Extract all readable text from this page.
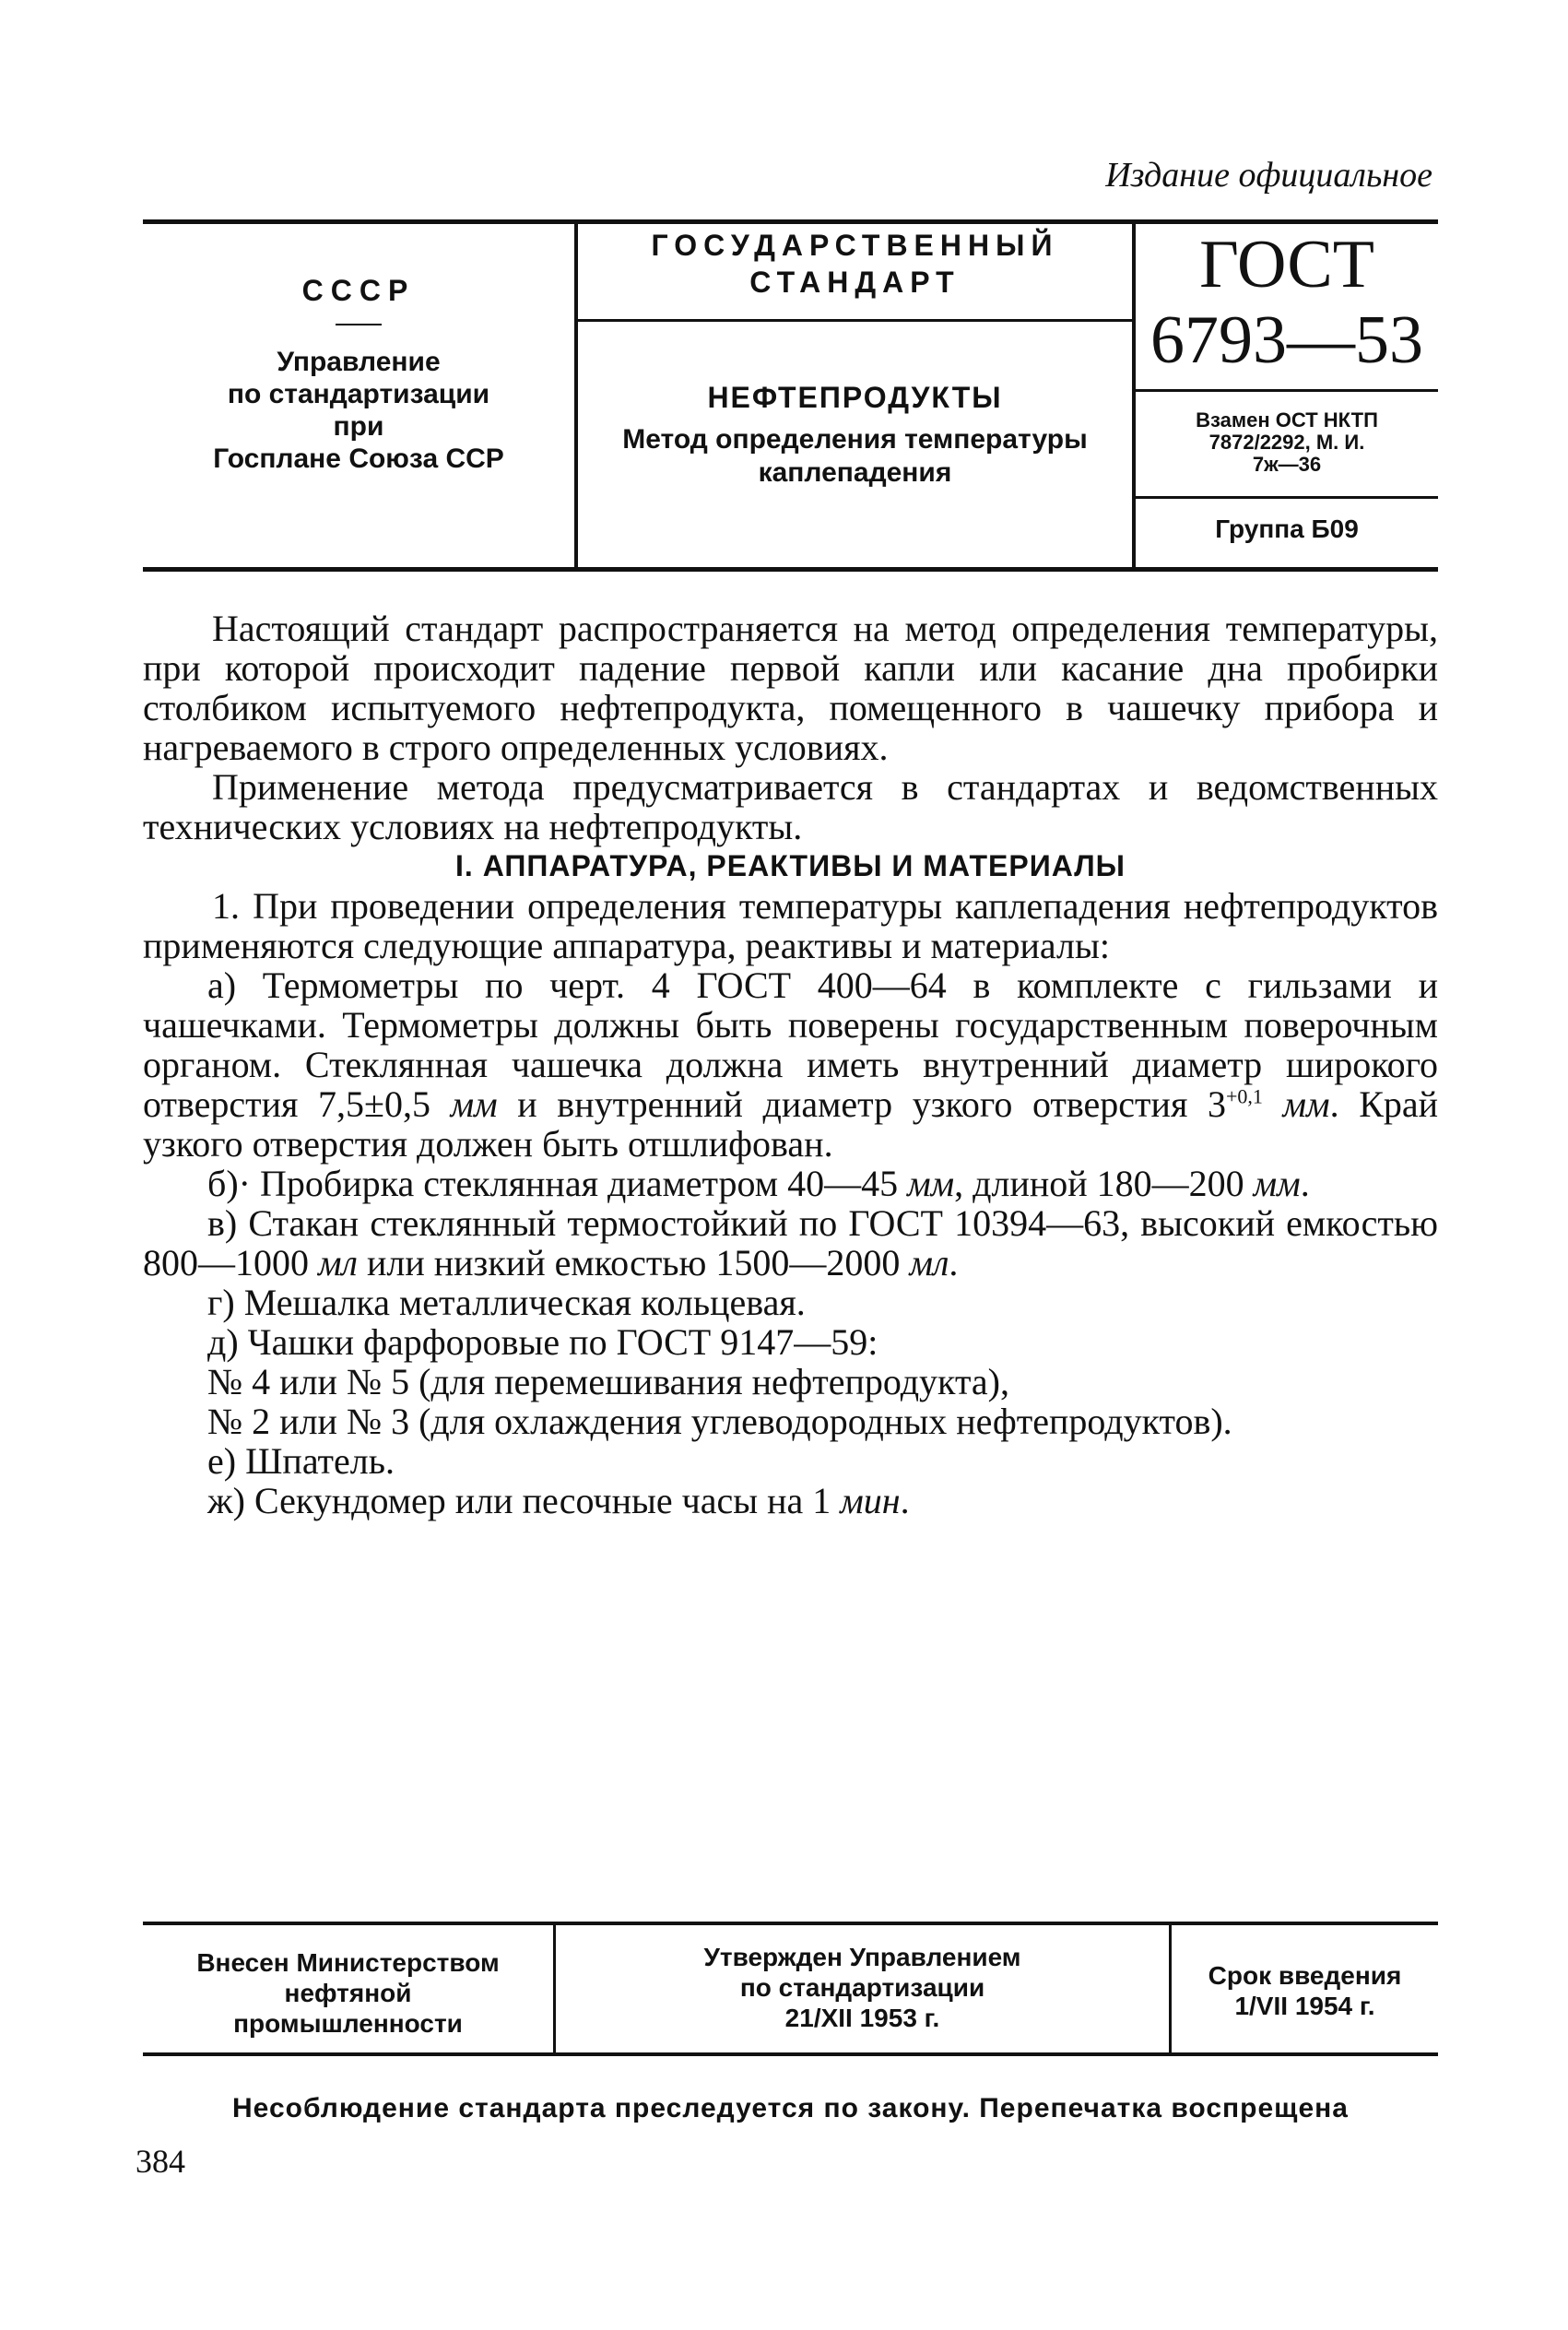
Издание официальное
СССР
Управление
по стандартизации
при
Госплане Союза ССР
ГОСУДАРСТВЕННЫЙ
СТАНДАРТ
НЕФТЕПРОДУКТЫ
Метод определения температуры
каплепадения
ГОСТ
6793—53
Взамен ОСТ НКТП
7872/2292, М. И.
7ж—36
Группа Б09

Настоящий стандарт распространяется на метод определения температуры, при которой происходит падение первой капли или касание дна пробирки столбиком испытуемого нефтепродукта, помещенного в чашечку прибора и нагреваемого в строго определенных условиях.

Применение метода предусматривается в стандартах и ведомственных технических условиях на нефтепродукты.

I. АППАРАТУРА, РЕАКТИВЫ И МАТЕРИАЛЫ

1. При проведении определения температуры каплепадения нефтепродуктов применяются следующие аппаратура, реактивы и материалы:

а) Термометры по черт. 4 ГОСТ 400—64 в комплекте с гильзами и чашечками. Термометры должны быть поверены государственным поверочным органом. Стеклянная чашечка должна иметь внутренний диаметр широкого отверстия 7,5±0,5 мм и внутренний диаметр узкого отверстия $3^{+0,1}$ мм. Край узкого отверстия должен быть отшлифован.

б)· Пробирка стеклянная диаметром 40—45 мм, длиной 180—200 мм.

в) Стакан стеклянный термостойкий по ГОСТ 10394—63, высокий емкостью 800—1000 мл или низкий емкостью 1500—2000 мл.

г) Мешалка металлическая кольцевая.

д) Чашки фарфоровые по ГОСТ 9147—59:

№ 4 или № 5 (для перемешивания нефтепродукта),

№ 2 или № 3 (для охлаждения углеводородных нефтепродуктов).

е) Шпатель.

ж) Секундомер или песочные часы на 1 мин.

Внесен Министерством
нефтяной
промышленности
Утвержден Управлением
по стандартизации
21/XII 1953 г.
Срок введения
1/VII 1954 г.
Несоблюдение стандарта преследуется по закону. Перепечатка воспрещена
384
